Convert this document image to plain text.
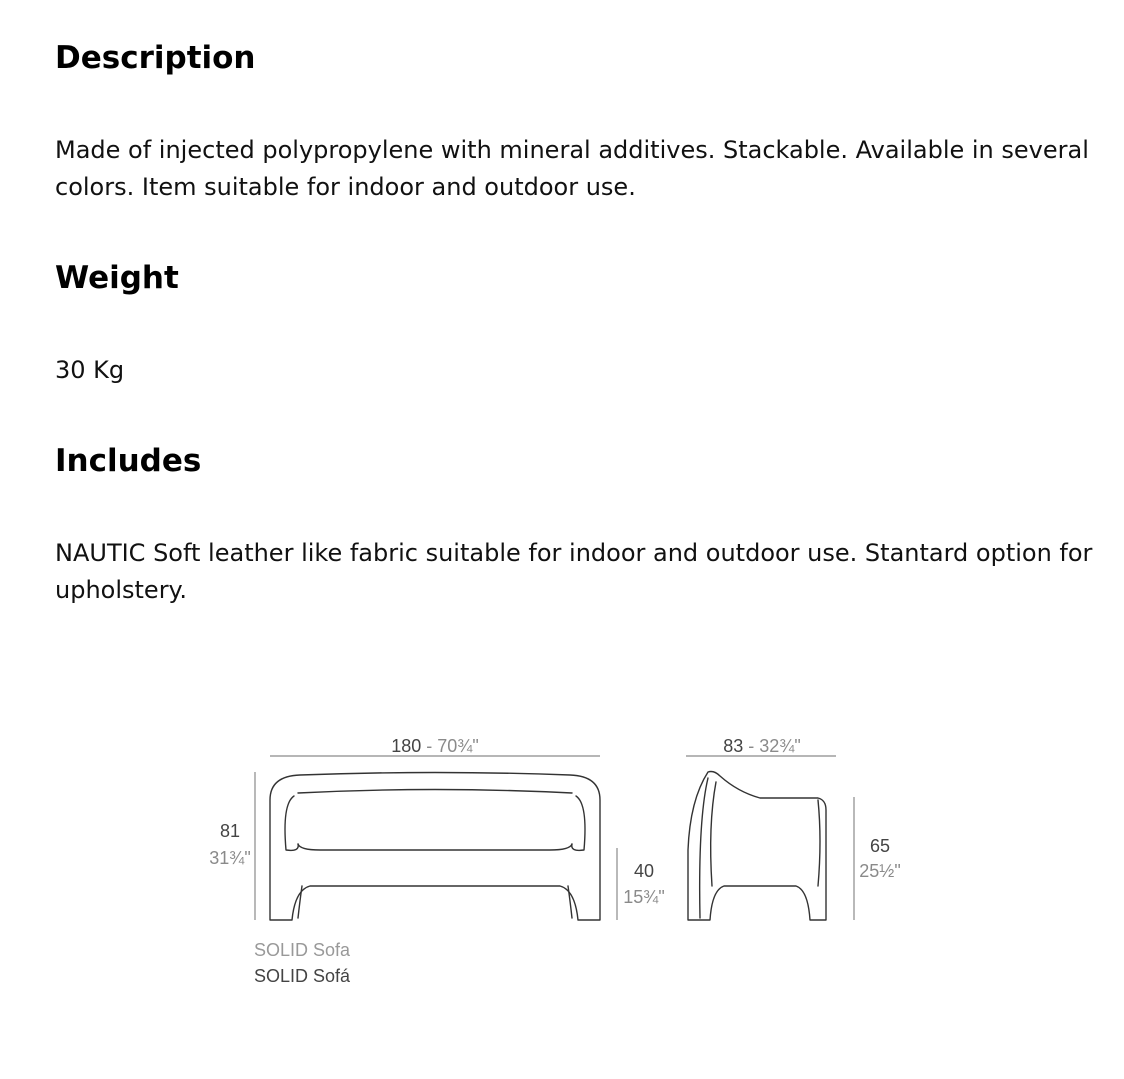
Description

Made of injected polypropylene with mineral additives. Stackable. Available in several colors. Item suitable for indoor and outdoor use.

Weight

30 Kg

Includes

NAUTIC Soft leather like fabric suitable for indoor and outdoor use. Stantard option for upholstery.

180 - 70¾"
81
31¾"
40
15¾"
SOLID Sofa
SOLID Sofá
83 - 32¾"
65
25½"
